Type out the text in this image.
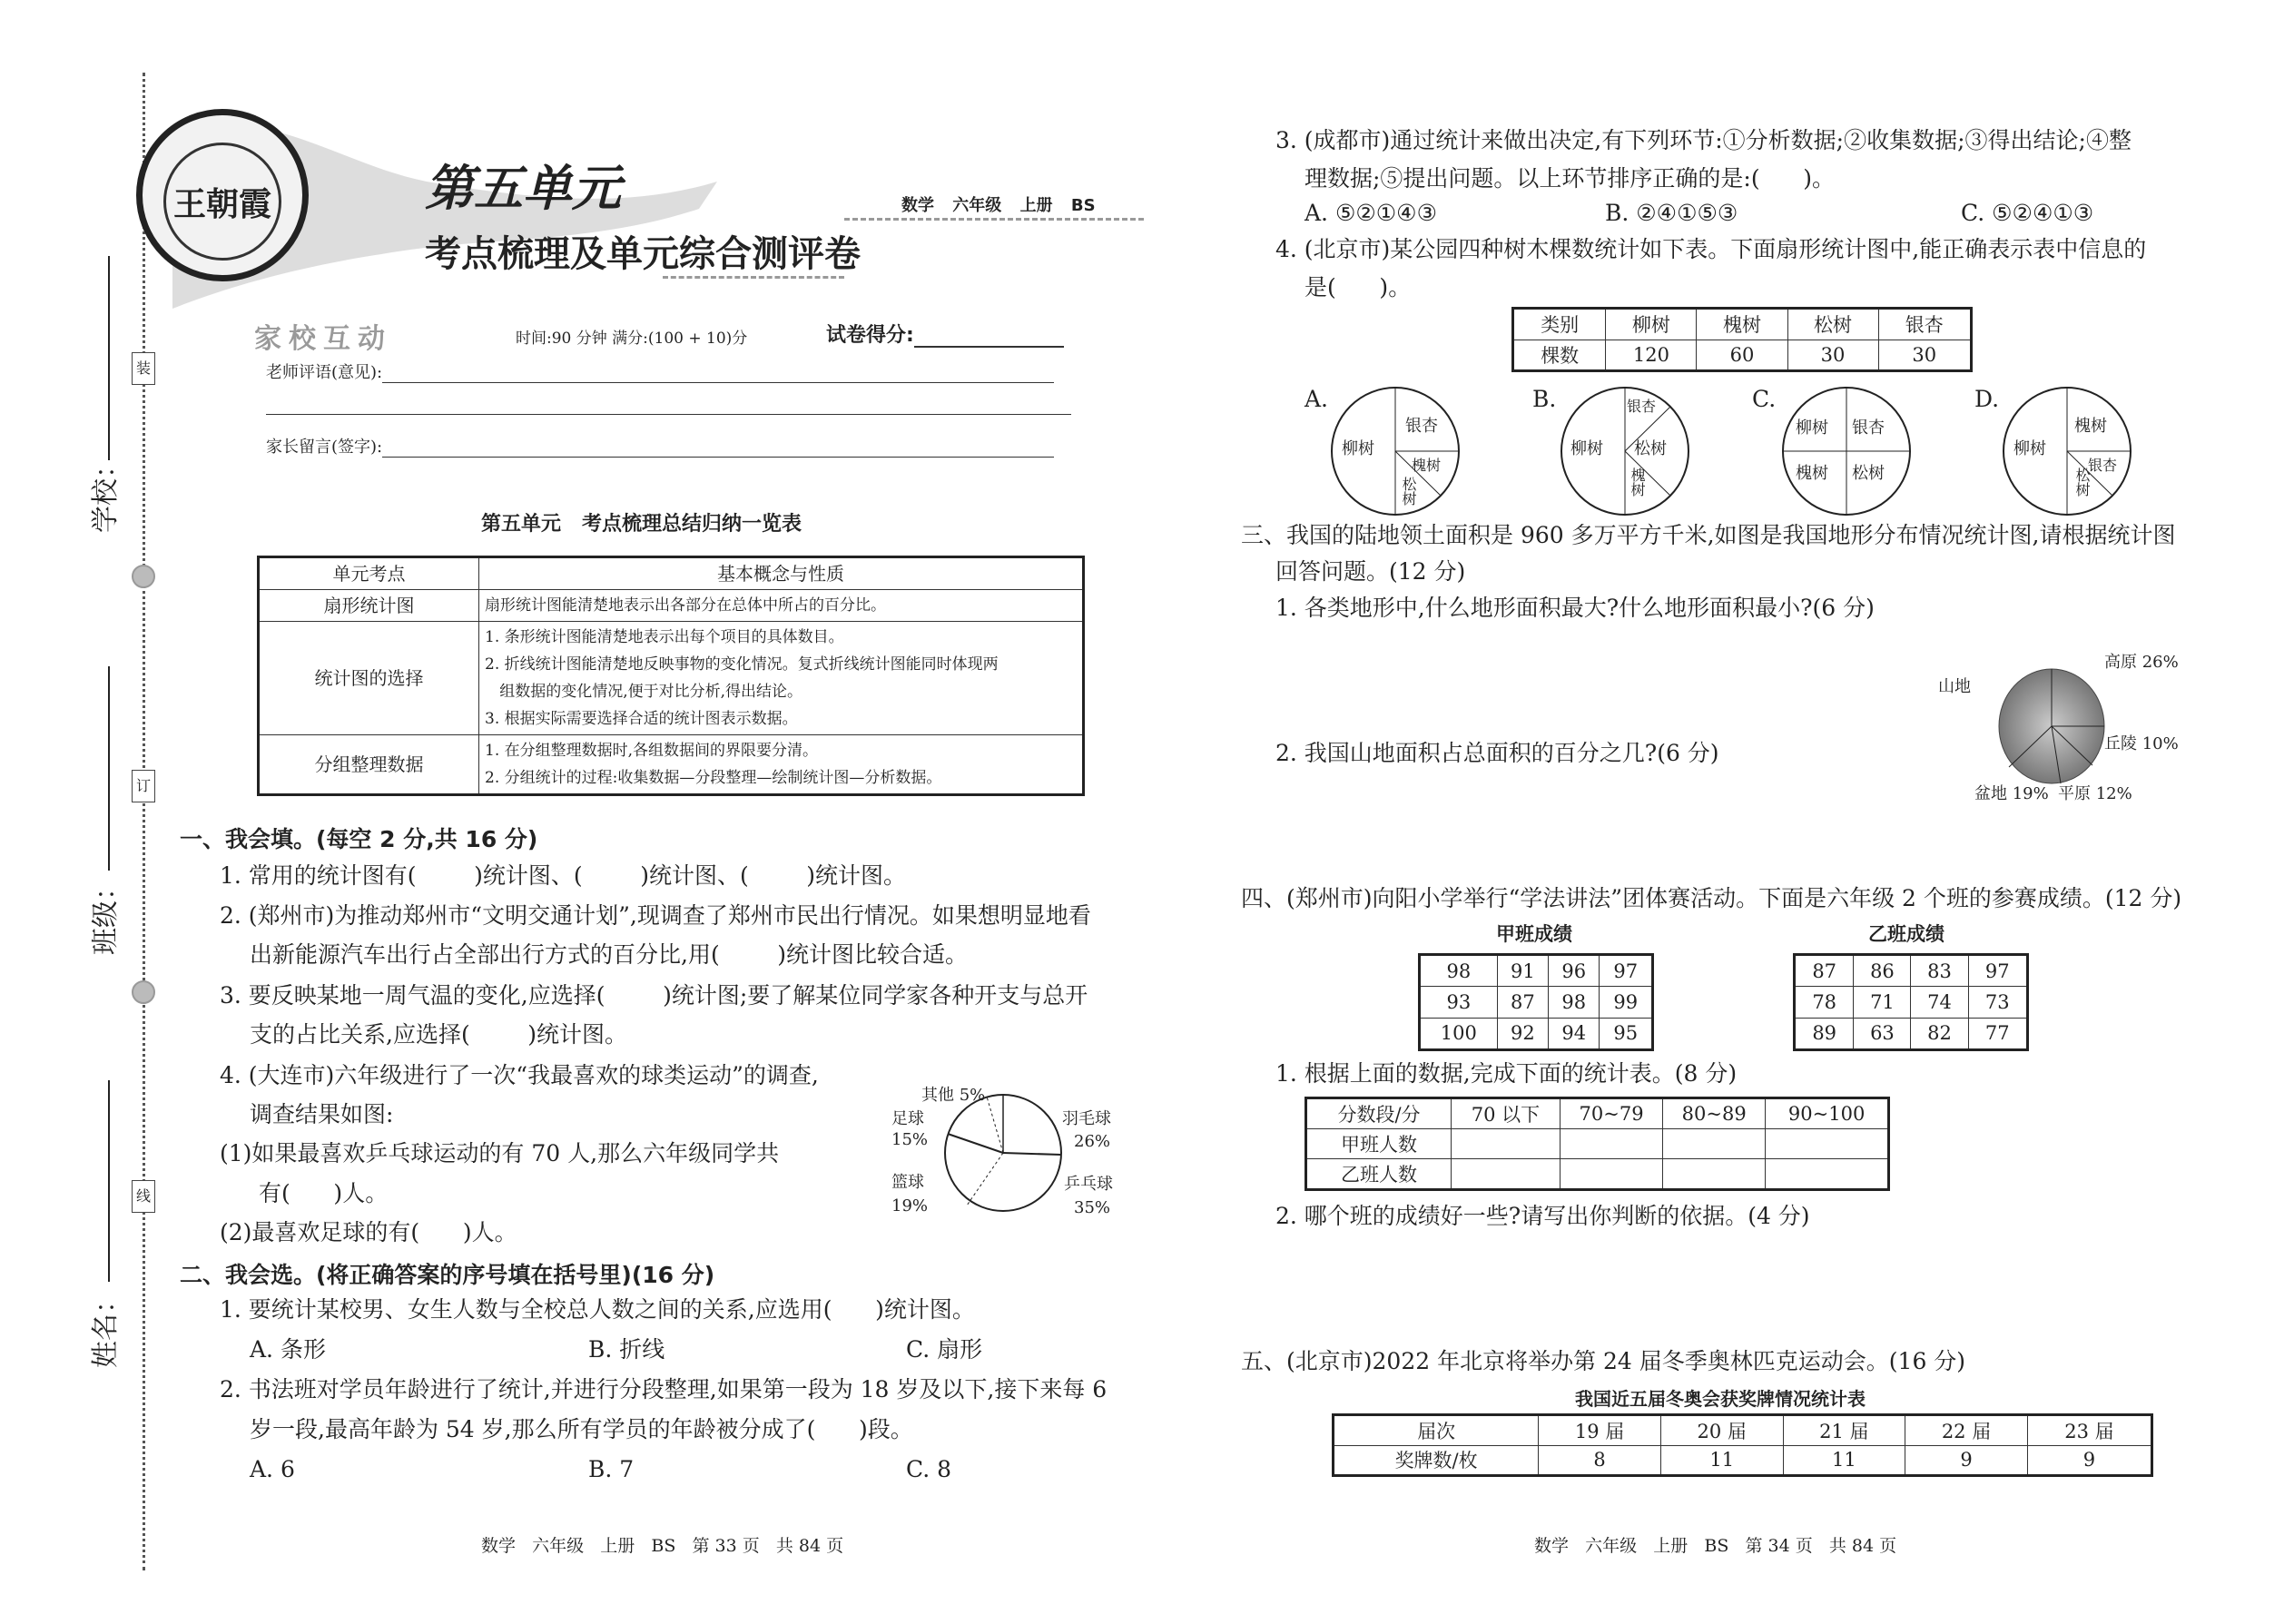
学校：
班级：
姓名：
装
订
线
王朝霞	第五单元
考点梳理及单元综合测评卷
数学 六年级 上册 BS
家校互动	时间:90 分钟 满分:(100 + 10)分	试卷得分:
老师评语(意见):
家长留言(签字):
第五单元   考点梳理总结归纳一览表
单元考点	基本概念与性质
扇形统计图	扇形统计图能清楚地表示出各部分在总体中所占的百分比。
统计图的选择	1. 条形统计图能清楚地表示出每个项目的具体数目。
2. 折线统计图能清楚地反映事物的变化情况。复式折线统计图能同时体现两
组数据的变化情况,便于对比分析,得出结论。
3. 根据实际需要选择合适的统计图表示数据。

分组整理数据	1. 在分组整理数据时,各组数据间的界限要分清。
2. 分组统计的过程:收集数据—分段整理—绘制统计图—分析数据。
一、我会填。(每空 2 分,共 16 分)
1. 常用的统计图有(        )统计图、(        )统计图、(        )统计图。
2. (郑州市)为推动郑州市“文明交通计划”,现调查了郑州市民出行情况。如果想明显地看
出新能源汽车出行占全部出行方式的百分比,用(        )统计图比较合适。
3. 要反映某地一周气温的变化,应选择(        )统计图;要了解某位同学家各种开支与总开
支的占比关系,应选择(        )统计图。
4. (大连市)六年级进行了一次“我最喜欢的球类运动”的调查,
调查结果如图:
(1)如果最喜欢乒乓球运动的有 70 人,那么六年级同学共
有(      )人。
(2)最喜欢足球的有(      )人。
其他 5%
足球
15%
羽毛球
26%
篮球
19%
乒乓球
35%
二、我会选。(将正确答案的序号填在括号里)(16 分)
1. 要统计某校男、女生人数与全校总人数之间的关系,应选用(      )统计图。
A. 条形	B. 折线	C. 扇形
2. 书法班对学员年龄进行了统计,并进行分段整理,如果第一段为 18 岁及以下,接下来每 6
岁一段,最高年龄为 54 岁,那么所有学员的年龄被分成了(      )段。
A. 6	B. 7	C. 8
数学   六年级   上册   BS   第 33 页   共 84 页
3. (成都市)通过统计来做出决定,有下列环节:①分析数据;②收集数据;③得出结论;④整
理数据;⑤提出问题。以上环节排序正确的是:(      )。
A. ⑤②①④③	B. ②④①⑤③	C. ⑤②④①③
4. (北京市)某公园四种树木棵数统计如下表。下面扇形统计图中,能正确表示表中信息的
是(      )。
类别	柳树	槐树	松树	银杏
棵数	120	60	30	30
A.	B.	C.	D.
柳树
银杏
槐树
松树
柳树
银杏
松树
槐树
柳树 银杏
槐树 松树
柳树
槐树
银杏
松树
三、我国的陆地领土面积是 960 多万平方千米,如图是我国地形分布情况统计图,请根据统计图
回答问题。(12 分)
1. 各类地形中,什么地形面积最大?什么地形面积最小?(6 分)
2. 我国山地面积占总面积的百分之几?(6 分)
山地
高原 26%
丘陵 10%
盆地 19% 平原 12%
四、(郑州市)向阳小学举行“学法讲法”团体赛活动。下面是六年级 2 个班的参赛成绩。(12 分)
甲班成绩	乙班成绩
98	91	96	97
93	87	98	99
100	92	94	95
87	86	83	97
78	71	74	73
89	63	82	77
1. 根据上面的数据,完成下面的统计表。(8 分)
分数段/分	70 以下	70~79	80~89	90~100
甲班人数				
乙班人数				
2. 哪个班的成绩好一些?请写出你判断的依据。(4 分)
五、(北京市)2022 年北京将举办第 24 届冬季奥林匹克运动会。(16 分)
我国近五届冬奥会获奖牌情况统计表
届次	19 届	20 届	21 届	22 届	23 届
奖牌数/枚	8	11	11	9	9
数学   六年级   上册   BS   第 34 页   共 84 页
